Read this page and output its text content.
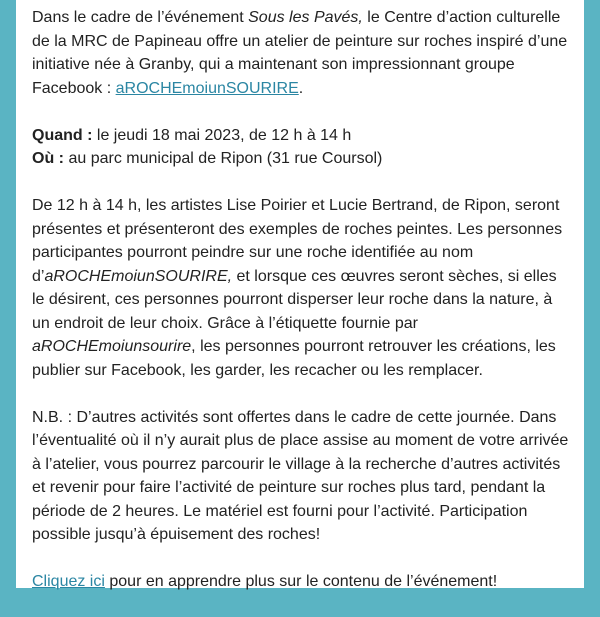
Dans le cadre de l’événement Sous les Pavés, le Centre d’action culturelle de la MRC de Papineau offre un atelier de peinture sur roches inspiré d’une initiative née à Granby, qui a maintenant son impressionnant groupe Facebook : aROCHEmoiunSOURIRE.

Quand : le jeudi 18 mai 2023, de 12 h à 14 h

Où : au parc municipal de Ripon (31 rue Coursol)

De 12 h à 14 h, les artistes Lise Poirier et Lucie Bertrand, de Ripon, seront présentes et présenteront des exemples de roches peintes. Les personnes participantes pourront peindre sur une roche identifiée au nom d’aROCHEmoiunSOURIRE, et lorsque ces œuvres seront sèches, si elles le désirent, ces personnes pourront disperser leur roche dans la nature, à un endroit de leur choix. Grâce à l’étiquette fournie par aROCHEmoiunsourire, les personnes pourront retrouver les créations, les publier sur Facebook, les garder, les recacher ou les remplacer.

N.B. : D’autres activités sont offertes dans le cadre de cette journée. Dans l’éventualité où il n’y aurait plus de place assise au moment de votre arrivée à l’atelier, vous pourrez parcourir le village à la recherche d’autres activités et revenir pour faire l’activité de peinture sur roches plus tard, pendant la période de 2 heures. Le matériel est fourni pour l’activité. Participation possible jusqu’à épuisement des roches!

Cliquez ici pour en apprendre plus sur le contenu de l’événement!
